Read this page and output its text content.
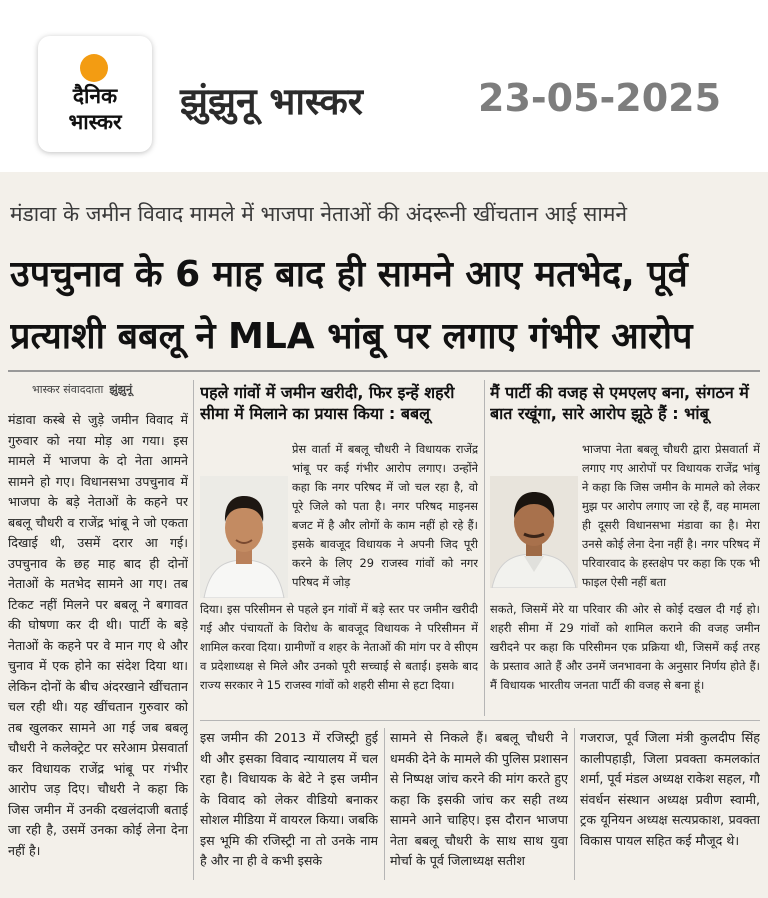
दैनिक
भास्कर	झुंझुनू भास्कर	23-05-2025
मंडावा के जमीन विवाद मामले में भाजपा नेताओं की अंदरूनी खींचतान आई सामने
उपचुनाव के 6 माह बाद ही सामने आए मतभेद, पूर्व
प्रत्याशी बबलू ने MLA भांबू पर लगाए गंभीर आरोप
भास्कर संवाददाता झुंझुनूं
मंडावा कस्बे से जुड़े जमीन विवाद में गुरुवार को नया मोड़ आ गया। इस मामले में भाजपा के दो नेता आमने सामने हो गए। विधानसभा उपचुनाव में भाजपा के बड़े नेताओं के कहने पर बबलू चौधरी व राजेंद्र भांबू ने जो एकता दिखाई थी, उसमें दरार आ गई। उपचुनाव के छह माह बाद ही दोनों नेताओं के मतभेद सामने आ गए। तब टिकट नहीं मिलने पर बबलू ने बगावत की घोषणा कर दी थी। पार्टी के बड़े नेताओं के कहने पर वे मान गए थे और चुनाव में एक होने का संदेश दिया था। लेकिन दोनों के बीच अंदरखाने खींचतान चल रही थी। यह खींचतान गुरुवार को तब खुलकर सामने आ गई जब बबलू चौधरी ने कलेक्ट्रेट पर सरेआम प्रेसवार्ता कर विधायक राजेंद्र भांबू पर गंभीर आरोप जड़ दिए। चौधरी ने कहा कि जिस जमीन में उनकी दखलंदाजी बताई जा रही है, उसमें उनका कोई लेना देना नहीं है।
पहले गांवों में जमीन खरीदी, फिर इन्हें शहरी सीमा में मिलाने का प्रयास किया : बबलू
प्रेस वार्ता में बबलू चौधरी ने विधायक राजेंद्र भांबू पर कई गंभीर आरोप लगाए। उन्होंने कहा कि नगर परिषद में जो चल रहा है, वो पूरे जिले को पता है। नगर परिषद माइनस बजट में है और लोगों के काम नहीं हो रहे हैं। इसके बावजूद विधायक ने अपनी जिद पूरी करने के लिए 29 राजस्व गांवों को नगर परिषद में जोड़
दिया। इस परिसीमन से पहले इन गांवों में बड़े स्तर पर जमीन खरीदी गई और पंचायतों के विरोध के बावजूद विधायक ने परिसीमन में शामिल करवा दिया। ग्रामीणों व शहर के नेताओं की मांग पर वे सीएम व प्रदेशाध्यक्ष से मिले और उनको पूरी सच्चाई से बताई। इसके बाद राज्य सरकार ने 15 राजस्व गांवों को शहरी सीमा से हटा दिया।
मैं पार्टी की वजह से एमएलए बना, संगठन में बात रखूंगा, सारे आरोप झूठे हैं : भांबू
भाजपा नेता बबलू चौधरी द्वारा प्रेसवार्ता में लगाए गए आरोपों पर विधायक राजेंद्र भांबू ने कहा कि जिस जमीन के मामले को लेकर मुझ पर आरोप लगाए जा रहे हैं, वह मामला ही दूसरी विधानसभा मंडावा का है। मेरा उनसे कोई लेना देना नहीं है। नगर परिषद में परिवारवाद के हस्तक्षेप पर कहा कि एक भी फाइल ऐसी नहीं बता
सकते, जिसमें मेरे या परिवार की ओर से कोई दखल दी गई हो। शहरी सीमा में 29 गांवों को शामिल कराने की वजह जमीन खरीदने पर कहा कि परिसीमन एक प्रक्रिया थी, जिसमें कई तरह के प्रस्ताव आते हैं और उनमें जनभावना के अनुसार निर्णय होते हैं। मैं विधायक भारतीय जनता पार्टी की वजह से बना हूं।
इस जमीन की 2013 में रजिस्ट्री हुई थी और इसका विवाद न्यायालय में चल रहा है। विधायक के बेटे ने इस जमीन के विवाद को लेकर वीडियो बनाकर सोशल मीडिया में वायरल किया। जबकि इस भूमि की रजिस्ट्री ना तो उनके नाम है और ना ही वे कभी इसके
सामने से निकले हैं। बबलू चौधरी ने धमकी देने के मामले की पुलिस प्रशासन से निष्पक्ष जांच करने की मांग करते हुए कहा कि इसकी जांच कर सही तथ्य सामने आने चाहिए। इस दौरान भाजपा नेता बबलू चौधरी के साथ साथ युवा मोर्चा के पूर्व जिलाध्यक्ष सतीश
गजराज, पूर्व जिला मंत्री कुलदीप सिंह कालीपहाड़ी, जिला प्रवक्ता कमलकांत शर्मा, पूर्व मंडल अध्यक्ष राकेश सहल, गौ संवर्धन संस्थान अध्यक्ष प्रवीण स्वामी, ट्रक यूनियन अध्यक्ष सत्यप्रकाश, प्रवक्ता विकास पायल सहित कई मौजूद थे।
